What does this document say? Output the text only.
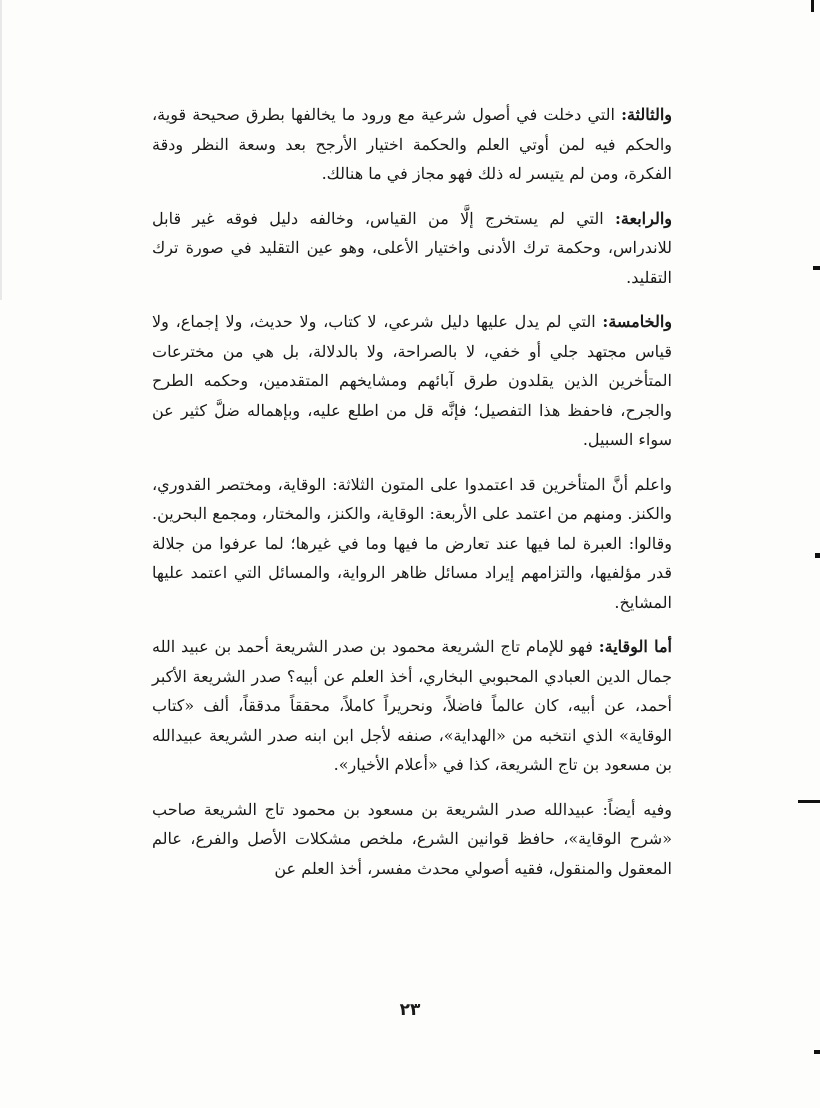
والثالثة: التي دخلت في أصول شرعية مع ورود ما يخالفها بطرق صحيحة قوية، والحكم فيه لمن أوتي العلم والحكمة اختيار الأرجح بعد وسعة النظر ودقة الفكرة، ومن لم يتيسر له ذلك فهو مجاز في ما هنالك.

والرابعة: التي لم يستخرج إلَّا من القياس، وخالفه دليل فوقه غير قابل للاندراس، وحكمة ترك الأدنى واختيار الأعلى، وهو عين التقليد في صورة ترك التقليد.

والخامسة: التي لم يدل عليها دليل شرعي، لا كتاب، ولا حديث، ولا إجماع، ولا قياس مجتهد جلي أو خفي، لا بالصراحة، ولا بالدلالة، بل هي من مخترعات المتأخرين الذين يقلدون طرق آبائهم ومشايخهم المتقدمين، وحكمه الطرح والجرح، فاحفظ هذا التفصيل؛ فإنَّه قل من اطلع عليه، وبإهماله ضلَّ كثير عن سواء السبيل.

واعلم أنَّ المتأخرين قد اعتمدوا على المتون الثلاثة: الوقاية، ومختصر القدوري، والكنز. ومنهم من اعتمد على الأربعة: الوقاية، والكنز، والمختار، ومجمع البحرين. وقالوا: العبرة لما فيها عند تعارض ما فيها وما في غيرها؛ لما عرفوا من جلالة قدر مؤلفيها، والتزامهم إيراد مسائل ظاهر الرواية، والمسائل التي اعتمد عليها المشايخ.

أما الوقاية: فهو للإمام تاج الشريعة محمود بن صدر الشريعة أحمد بن عبيد الله جمال الدين العبادي المحبوبي البخاري، أخذ العلم عن أبيه؟ صدر الشريعة الأكبر أحمد، عن أبيه، كان عالماً فاضلاً، ونحريراً كاملاً، محققاً مدققاً، ألف «كتاب الوقاية» الذي انتخبه من «الهداية»، صنفه لأجل ابن ابنه صدر الشريعة عبيدالله بن مسعود بن تاج الشريعة، كذا في «أعلام الأخيار».

وفيه أيضاً: عبيدالله صدر الشريعة بن مسعود بن محمود تاج الشريعة صاحب «شرح الوقاية»، حافظ قوانين الشرع، ملخص مشكلات الأصل والفرع، عالم المعقول والمنقول، فقيه أصولي محدث مفسر، أخذ العلم عن

٢٣
